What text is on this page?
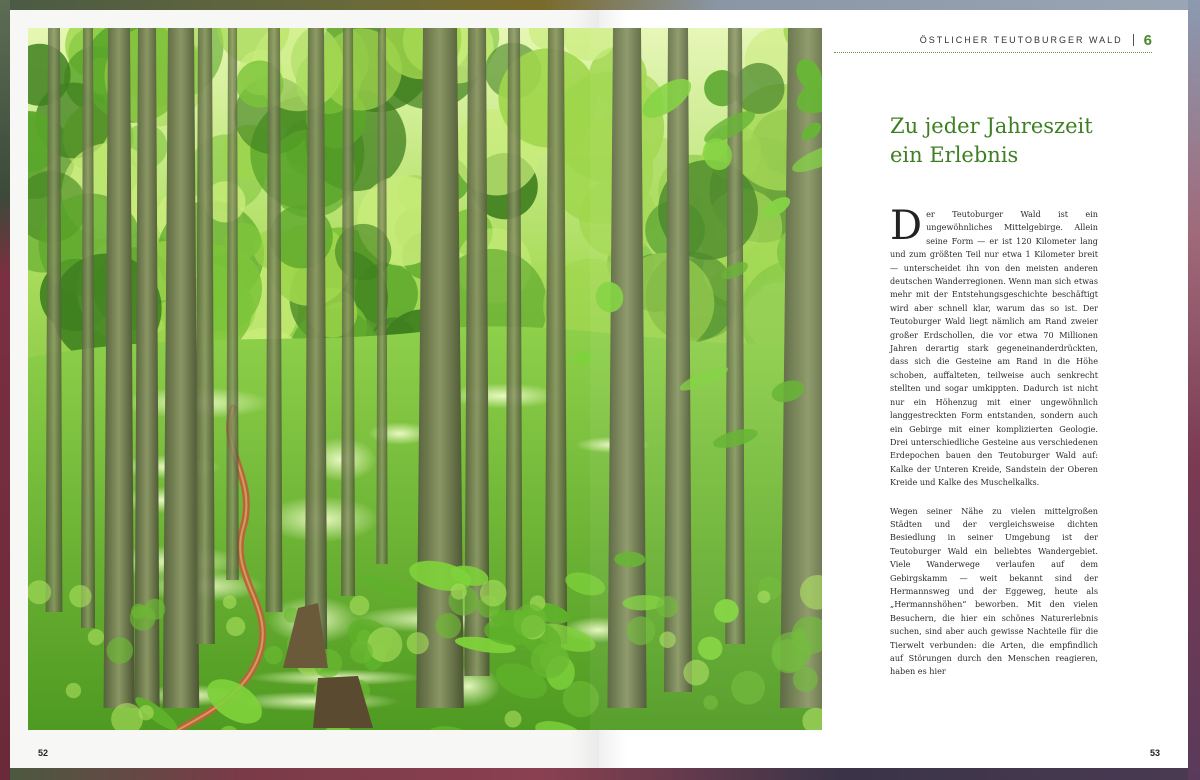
52	53
ÖSTLICHER TEUTOBURGER WALD 6
Zu jeder Jahreszeit
ein Erlebnis

Der Teutoburger Wald ist ein ungewöhnliches Mittelgebirge. Allein seine Form — er ist 120 Kilometer lang und zum größten Teil nur etwa 1 Kilometer breit — unterscheidet ihn von den meisten anderen deutschen Wanderregionen. Wenn man sich etwas mehr mit der Entstehungsgeschichte beschäftigt wird aber schnell klar, warum das so ist. Der Teutoburger Wald liegt nämlich am Rand zweier großer Erdschollen, die vor etwa 70 Millionen Jahren derartig stark gegeneinanderdrückten, dass sich die Gesteine am Rand in die Höhe schoben, auffalteten, teilweise auch senkrecht stellten und sogar umkippten. Dadurch ist nicht nur ein Höhenzug mit einer ungewöhnlich langgestreckten Form entstanden, sondern auch ein Gebirge mit einer komplizierten Geologie. Drei unterschiedliche Gesteine aus verschiedenen Erdepochen bauen den Teutoburger Wald auf: Kalke der Unteren Kreide, Sandstein der Oberen Kreide und Kalke des Muschelkalks.

Wegen seiner Nähe zu vielen mittelgroßen Städten und der vergleichsweise dichten Besiedlung in seiner Umgebung ist der Teutoburger Wald ein beliebtes Wandergebiet. Viele Wanderwege verlaufen auf dem Gebirgskamm — weit bekannt sind der Hermannsweg und der Eggeweg, heute als „Hermannshöhen“ beworben. Mit den vielen Besuchern, die hier ein schönes Naturerlebnis suchen, sind aber auch gewisse Nachteile für die Tierwelt verbunden: die Arten, die empfindlich auf Störungen durch den Menschen reagieren, haben es hier
